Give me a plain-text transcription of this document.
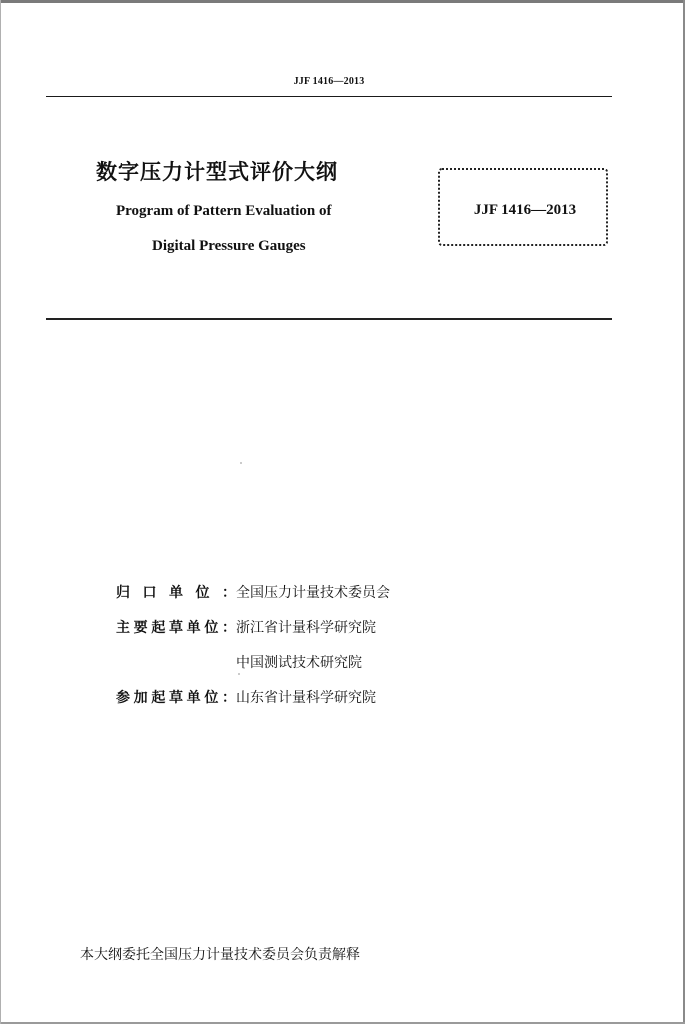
JJF 1416—2013
数字压力计型式评价大纲
Program of Pattern Evaluation of
Digital Pressure Gauges
JJF 1416—2013
归口单位： 全国压力计量技术委员会
主要起草单位： 浙江省计量科学研究院
中国测试技术研究院
参加起草单位： 山东省计量科学研究院
本大纲委托全国压力计量技术委员会负责解释
